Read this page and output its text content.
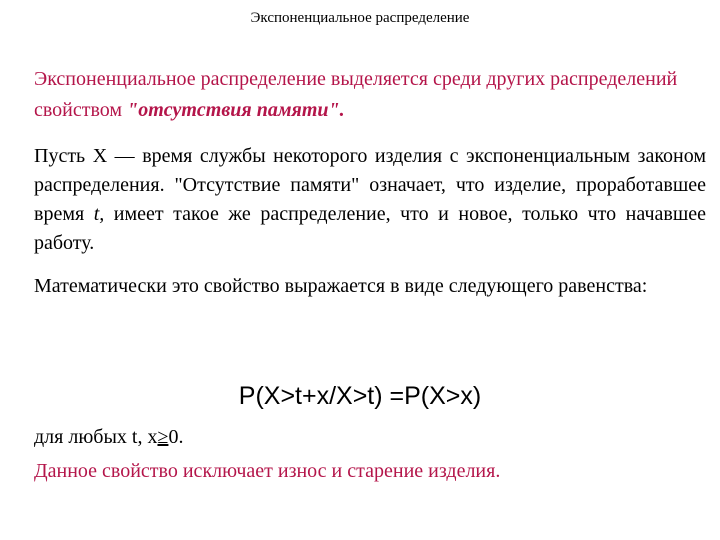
Экспоненциальное распределение
Экспоненциальное распределение выделяется среди других распределений свойством "отсутствия памяти".
Пусть X — время службы некоторого изделия с экспоненциальным законом распределения. "Отсутствие памяти" означает, что изделие, проработавшее время t, имеет такое же распределение, что и новое, только что начавшее работу.
Математически это свойство выражается в виде следующего равенства:
P(X>t+x/X>t) =P(X>x)
для любых t, x≥0.
Данное свойство исключает износ и старение изделия.
